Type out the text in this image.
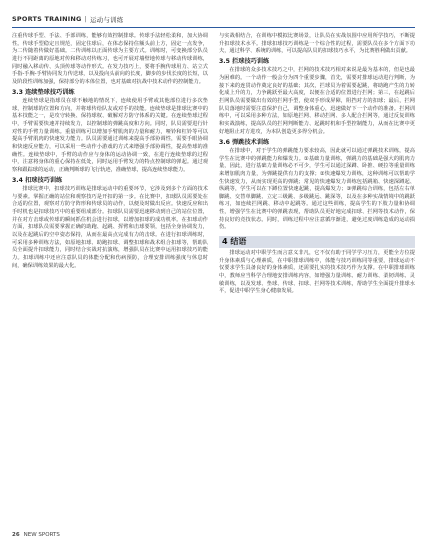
SPORTS TRAINING | 运动与训练

注重传球手型、手法、手部训练，能够有效控制排球。传球手法轻松柔和，加大协调性。传球手型稳定且规范，固定住球后，在体态保持住额头前上方，固定一点发争，为二传随着传做好基础。二传训练以正面传球为主要方式。训练时，可变换部分队员进行不同距离的原地对传和移动对传练习，也可开展对墙壁地传球与移动传球训练，同时融入移动传、头顶传球等动作形式。在发力技巧上，要将手腕传球用力、站立式手指-手腕-手臂协同发力传送球，以及投向头前向的长度，脚步的步伐长度的长短，以及阶段性训练加强，保持部分的本体位置，也对基础对抗战中技术动作的控制能力。

3.3 连续垫球技巧训练

连续垫球是指球员在球不触地的情况下，连续使用手臂或其他部位进行多次垫球，控制球的位置和方向，并将球传给队友或对手的技能。连续垫球是排球比赛中的基本技能之一，是攻守转换、保持球权、破解对方防守体系的关键。在连续垫球过程中，手臂需要快速并持续发力，以控制球的弹跳高度和方向。同时，队员需要进行针对性的手臂力量训练。重量训练可以增加手臂肌肉的力量和耐力，哑铃和杠铃等可以提高手臂肌肉的快速发力能力。队员需要通过训练来提高手部协调性，需要手眼协调和快速反应能力，可以采用一些动作小游戏的方式来增强手部协调性，提高垫球的准确性。连续垫球中，手臂的动作应与身体的运动协调一致，在进行连续垫球的过程中，注意将身体的重心保持在低处，同时运用手臂发力的特点控制球的弹起。通过观察和跟踪球的运动，正确判断球的飞行轨迹，准确垫球，提高连续垫球能力。

3.4 扣球技巧训练

排球比赛中，扣球技巧训练是排球运动中的重要环节，它涉及到多个方面的技术与要素。掌握正确的站位和观察技巧是开扣的第一步。在比赛中，扣球队员需要处在合适的位置，观察对方防守阵形和传球员的动作，以便及时做出反应。快速反应和出手时机也是扣球技巧中的重要组成部分。扣球队员需要迅速移动到自己的站位位置，并在对方击球或传球的瞬间抓住机会进行扣球，以增加扣球的成功机率。在扣球动作方面，扣球队员需要掌握正确的助跑、起跳、挥臂和击球要领，包括全身协调发力，以及在起跳后的空中姿态保持，从而在最高点完成有力的击球。在进行扣球训练时，可采用多种训练方法，如原地扣球、助跑扣球、调整扣球和战术组合扣球等，帮助队员全面提升扣球能力，同时结合实战对抗演练，增强队员在比赛中运用扣球技巧的能力。扣球训练中还应注意队员的体能分配和伤病预防，合理安排训练强度与休息时间，确保训练效果的最大化。

与实战相结合，在训练中模拟比赛场景，让队员在实战氛围中应用所学技巧，不断提升扣球技术水平。排球扣球技巧训练是一个综合性的过程，需要队员在多个方面下功夫，通过科学、系统的训练，可以提高队员的扣球技巧水平，为比赛胜利做出贡献。

3.5 拦球技巧训练

在排球的众多技术技巧之中，拦网的技术技巧相对来说是最为基本的，但是也最为困难的。一个动作一般会分为四个重要步骤，首先，需要对排球运动进行判断，为接下来的连贯动作奠定良好的基础；其次，拦球员为着需要起跳，将助跑产生的力转化成上升的力，力争跳跃至最大高度，以便在合适的位置进行拦网；第三，在起跳后拦网队员需要做出有效的拦网手型，使双手形成屏障，阻挡对方的扣球；最后，拦网队员落地时需要注意保护自己，调整身体重心，迅速做好下一个动作的准备。拦网训练中，可以采用多种方法，如原地拦网、移动拦网、多人配合拦网等，通过反复训练和实战演练，提高队员的拦网判断能力、起跳时机和手型控制能力，从而在比赛中更好地阻止对方进攻，为本队创造更多得分机会。

3.6 弹跳技术训练

在排球中，对于学生的弹跳能力要求较高，因此就可以通过弹跳技术训练，提高学生在比赛中的弹跳能力和爆发力。①基础力量训练，弹跳力的基础是强大的肌肉力量，因此，进行基础力量训练必不可少，学生可以通过深蹲、卧推、硬拉等重量训练来增加肌肉力量，为弹跳提供有力的支撑；②快速爆发力训练，这种训练可以帮助学生快速发力，从而实现更高的弹跳；常见的快速爆发力训练包括跳箱、快速深蹲起、纵跳等，学生可以在下蹲位置快速起跳，提高爆发力；③弹跳综合训练，包括左右单脚跳、交替单脚跳、立定三级跳、多级跳远、跳深等，以及在多种实战情境中的跳跃练习，如连续拦网跳、移动中起跳等。通过这些训练，提高学生的下肢力量和协调性，增强学生在比赛中的弹跳表现，帮助队员更好地完成扣球、拦网等技术动作，保持良好的竞技状态。同时，训练过程中应注意循序渐进，避免过度训练造成的运动损伤。

4 结语

排球运动对中职学生而言意义非凡，它不仅有助于同学学习压力，更能全方位提升身体素质与心理素质，在中职排球训练中，体能与技巧训练同等重要，排球运动不仅要求学生具备良好的身体素质，还需要扎实的技术技巧作为支撑。在中职排球训练中，教师应当科学合理地安排训练内容，如增强力量训练、耐力训练、柔韧训练、灵敏训练，以及发球、垫球、传球、扣球、拦网等技术训练，帮助学生全面提升排球水平，促进中职学生身心健康发展。

26 NEW SPORTS
